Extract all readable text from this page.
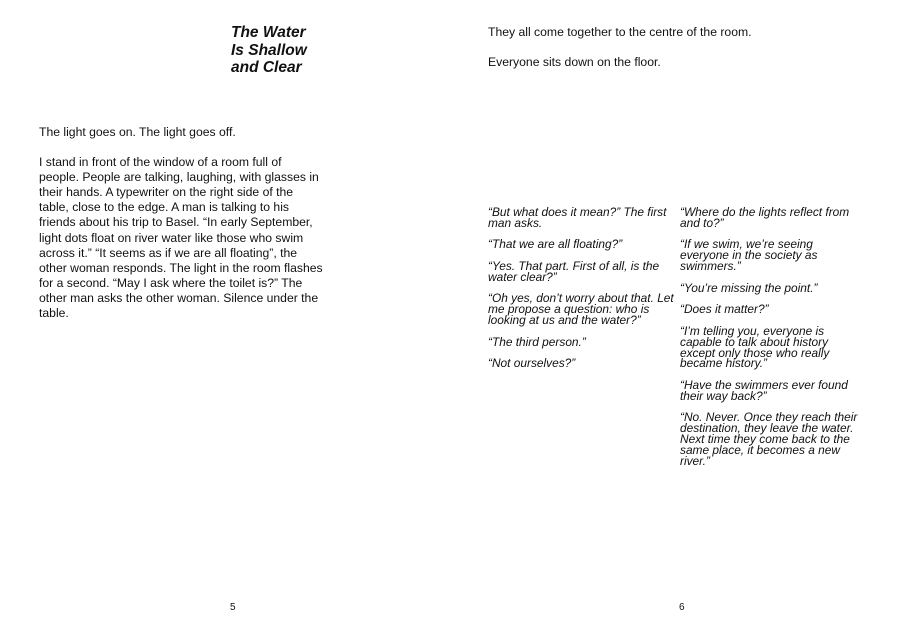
The Water
Is Shallow
and Clear

The light goes on. The light goes off.

I stand in front of the window of a room full of people. People are talking, laughing, with glasses in their hands. A typewriter on the right side of the table, close to the edge. A man is talking to his friends about his trip to Basel. “In early September, light dots float on river water like those who swim across it.” “It seems as if we are all floating”, the other woman responds. The light in the room flashes for a second. “May I ask where the toilet is?” The other man asks the other woman. Silence under the table.

5

They all come together to the centre of the room.

Everyone sits down on the floor.

“But what does it mean?” The first man asks.

“That we are all floating?”

“Yes. That part. First of all, is the water clear?”

“Oh yes, don’t worry about that. Let me propose a question: who is looking at us and the water?”

“The third person.”

“Not ourselves?”

“Where do the lights reflect from and to?”

“If we swim, we’re seeing everyone in the society as swimmers.”

“You’re missing the point.”

“Does it matter?”

“I’m telling you, everyone is capable to talk about history except only those who really became history.”

“Have the swimmers ever found their way back?”

“No. Never. Once they reach their destination, they leave the water. Next time they come back to the same place, it becomes a new river.”

6
